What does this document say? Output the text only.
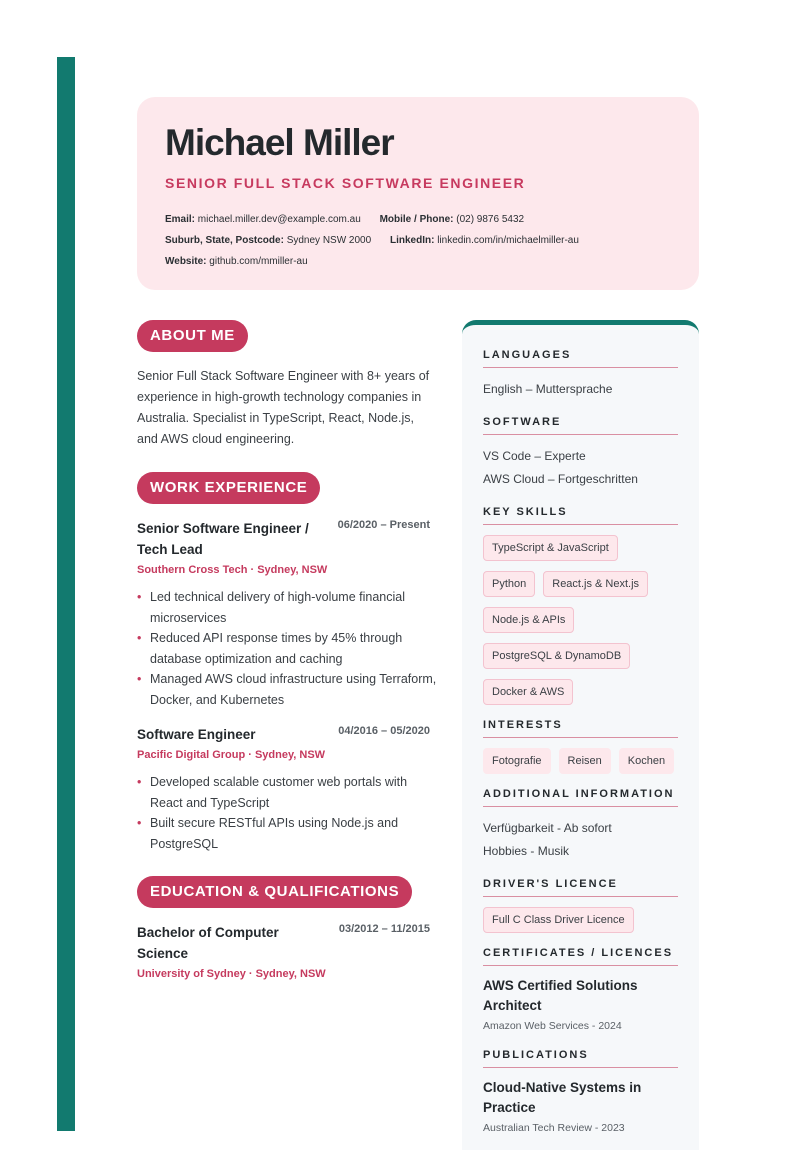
Michael Miller
SENIOR FULL STACK SOFTWARE ENGINEER
Email: michael.miller.dev@example.com.au Mobile / Phone: (02) 9876 5432
Suburb, State, Postcode: Sydney NSW 2000 LinkedIn: linkedin.com/in/michaelmiller-au
Website: github.com/mmiller-au
ABOUT ME

Senior Full Stack Software Engineer with 8+ years of experience in high-growth technology companies in Australia. Specialist in TypeScript, React, Node.js, and AWS cloud engineering.

WORK EXPERIENCE
Senior Software Engineer / Tech Lead
06/2020 – Present
Southern Cross Tech · Sydney, NSW
• Led technical delivery of high-volume financial microservices
• Reduced API response times by 45% through database optimization and caching
• Managed AWS cloud infrastructure using Terraform, Docker, and Kubernetes
Software Engineer	04/2016 – 05/2020
Pacific Digital Group · Sydney, NSW
• Developed scalable customer web portals with React and TypeScript
• Built secure RESTful APIs using Node.js and PostgreSQL
EDUCATION & QUALIFICATIONS
Bachelor of Computer Science
03/2012 – 11/2015
University of Sydney · Sydney, NSW
LANGUAGES
English – Muttersprache
SOFTWARE
VS Code – Experte
AWS Cloud – Fortgeschritten
KEY SKILLS
TypeScript & JavaScript
Python	React.js & Next.js
Node.js & APIs
PostgreSQL & DynamoDB
Docker & AWS
INTERESTS
Fotografie	Reisen	Kochen
ADDITIONAL INFORMATION
Verfügbarkeit - Ab sofort
Hobbies - Musik
DRIVER'S LICENCE
Full C Class Driver Licence
CERTIFICATES / LICENCES
AWS Certified Solutions Architect
Amazon Web Services - 2024
PUBLICATIONS
Cloud-Native Systems in Practice
Australian Tech Review - 2023
